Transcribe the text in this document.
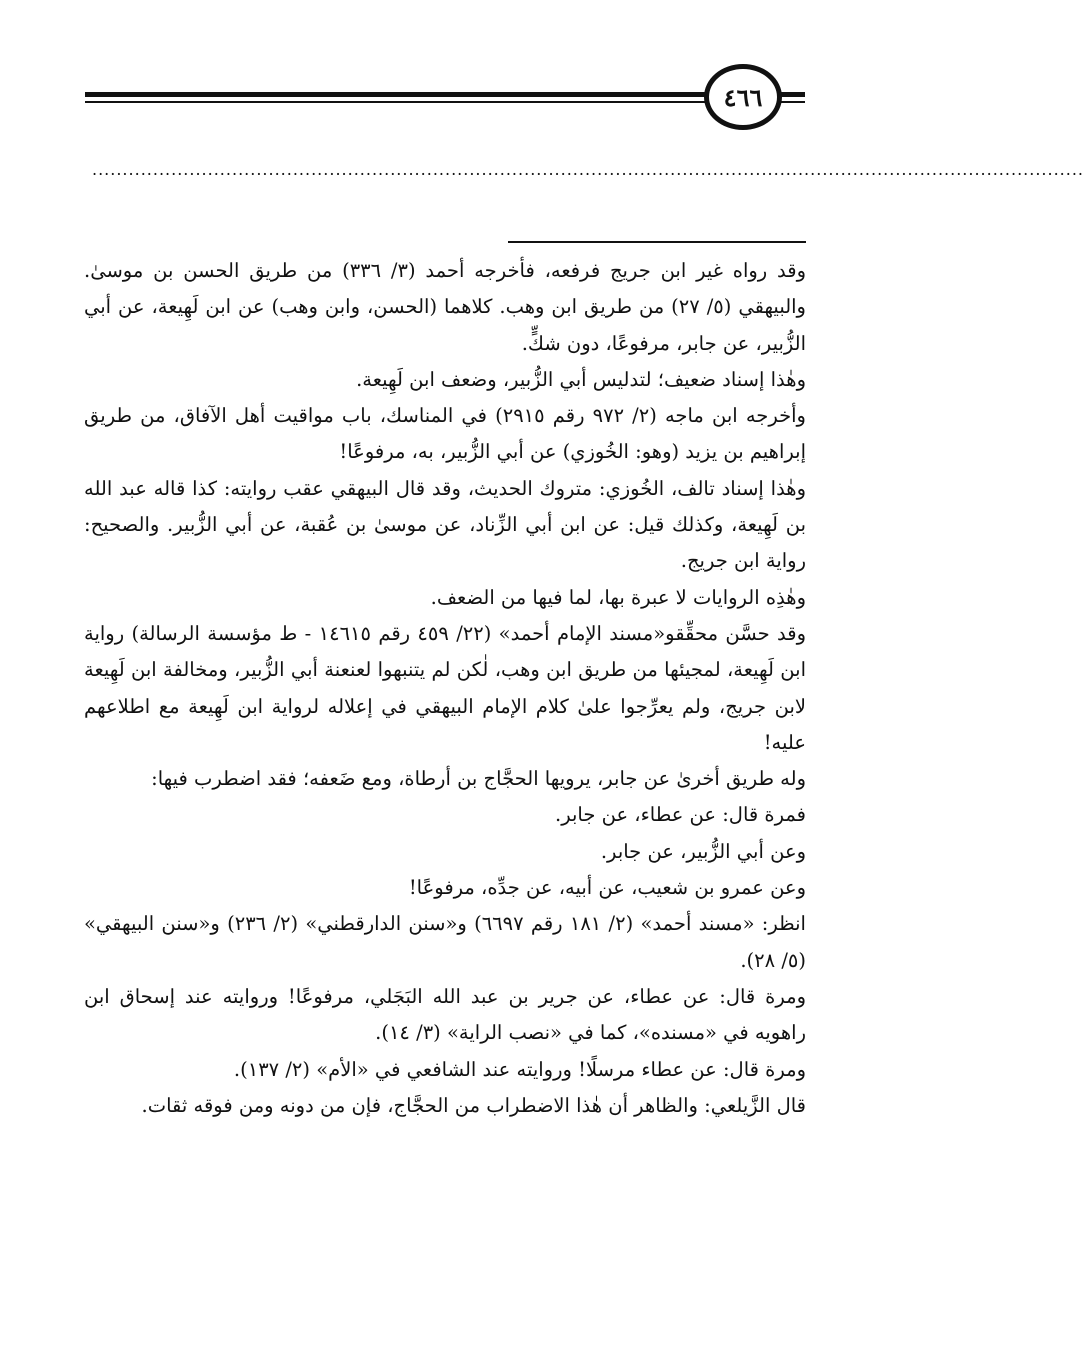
٤٦٦
...................................................................................................................................................................

وقد رواه غير ابن جريج فرفعه، فأخرجه أحمد (٣/ ٣٣٦) من طريق الحسن بن موسىٰ. والبيهقي (٥/ ٢٧) من طريق ابن وهب. كلاهما (الحسن، وابن وهب) عن ابن لَهِيعة، عن أبي الزُّبير، عن جابر، مرفوعًا، دون شكٍّ.

وهٰذا إسناد ضعيف؛ لتدليس أبي الزُّبير، وضعف ابن لَهِيعة.

وأخرجه ابن ماجه (٢/ ٩٧٢ رقم ٢٩١٥) في المناسك، باب مواقيت أهل الآفاق، من طريق إبراهيم بن يزيد (وهو: الخُوزي) عن أبي الزُّبير، به، مرفوعًا!

وهٰذا إسناد تالف، الخُوزي: متروك الحديث، وقد قال البيهقي عقب روايته: كذا قاله عبد الله بن لَهِيعة، وكذلك قيل: عن ابن أبي الزِّناد، عن موسىٰ بن عُقبة، عن أبي الزُّبير. والصحيح: رواية ابن جريج.

وهٰذِه الروايات لا عبرة بها، لما فيها من الضعف.

وقد حسَّن محقِّقو«مسند الإمام أحمد» (٢٢/ ٤٥٩ رقم ١٤٦١٥ - ط مؤسسة الرسالة) رواية ابن لَهِيعة، لمجيئها من طريق ابن وهب، لٰكن لم يتنبهوا لعنعنة أبي الزُّبير، ومخالفة ابن لَهِيعة لابن جريج، ولم يعرِّجوا علىٰ كلام الإمام البيهقي في إعلاله لرواية ابن لَهِيعة مع اطلاعهم عليه!

وله طريق أخرىٰ عن جابر، يرويها الحجَّاج بن أرطاة، ومع ضَعفه؛ فقد اضطرب فيها:

فمرة قال: عن عطاء، عن جابر.

وعن أبي الزُّبير، عن جابر.

وعن عمرو بن شعيب، عن أبيه، عن جدِّه، مرفوعًا!

انظر: «مسند أحمد» (٢/ ١٨١ رقم ٦٦٩٧) و«سنن الدارقطني» (٢/ ٢٣٦) و«سنن البيهقي» (٥/ ٢٨).

ومرة قال: عن عطاء، عن جرير بن عبد الله البَجَلي، مرفوعًا! وروايته عند إسحاق ابن راهويه في «مسنده»، كما في «نصب الراية» (٣/ ١٤).

ومرة قال: عن عطاء مرسلًا! وروايته عند الشافعي في «الأم» (٢/ ١٣٧).

قال الزَّيلعي: والظاهر أن هٰذا الاضطراب من الحجَّاج، فإن من دونه ومن فوقه ثقات.
